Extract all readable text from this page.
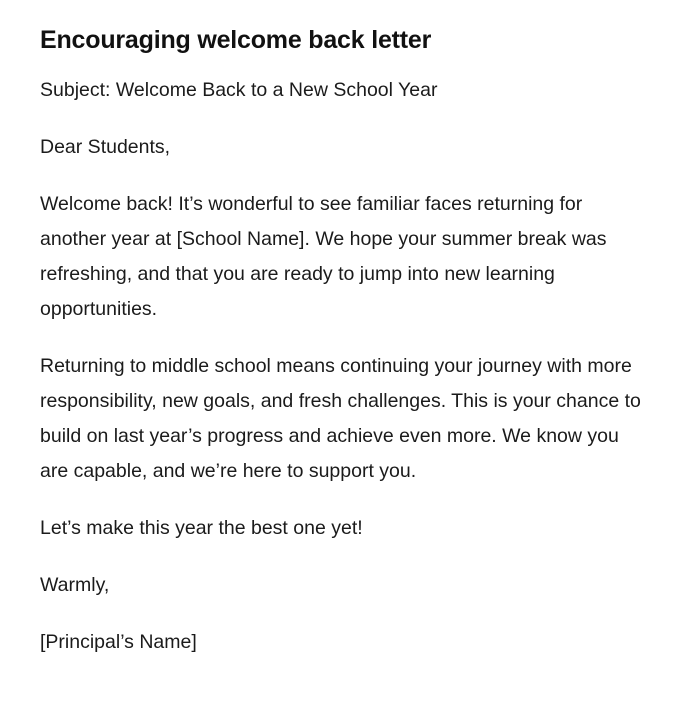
Encouraging welcome back letter

Subject: Welcome Back to a New School Year

Dear Students,

Welcome back! It’s wonderful to see familiar faces returning for another year at [School Name]. We hope your summer break was refreshing, and that you are ready to jump into new learning opportunities.

Returning to middle school means continuing your journey with more responsibility, new goals, and fresh challenges. This is your chance to build on last year’s progress and achieve even more. We know you are capable, and we’re here to support you.

Let’s make this year the best one yet!

Warmly,

[Principal’s Name]
